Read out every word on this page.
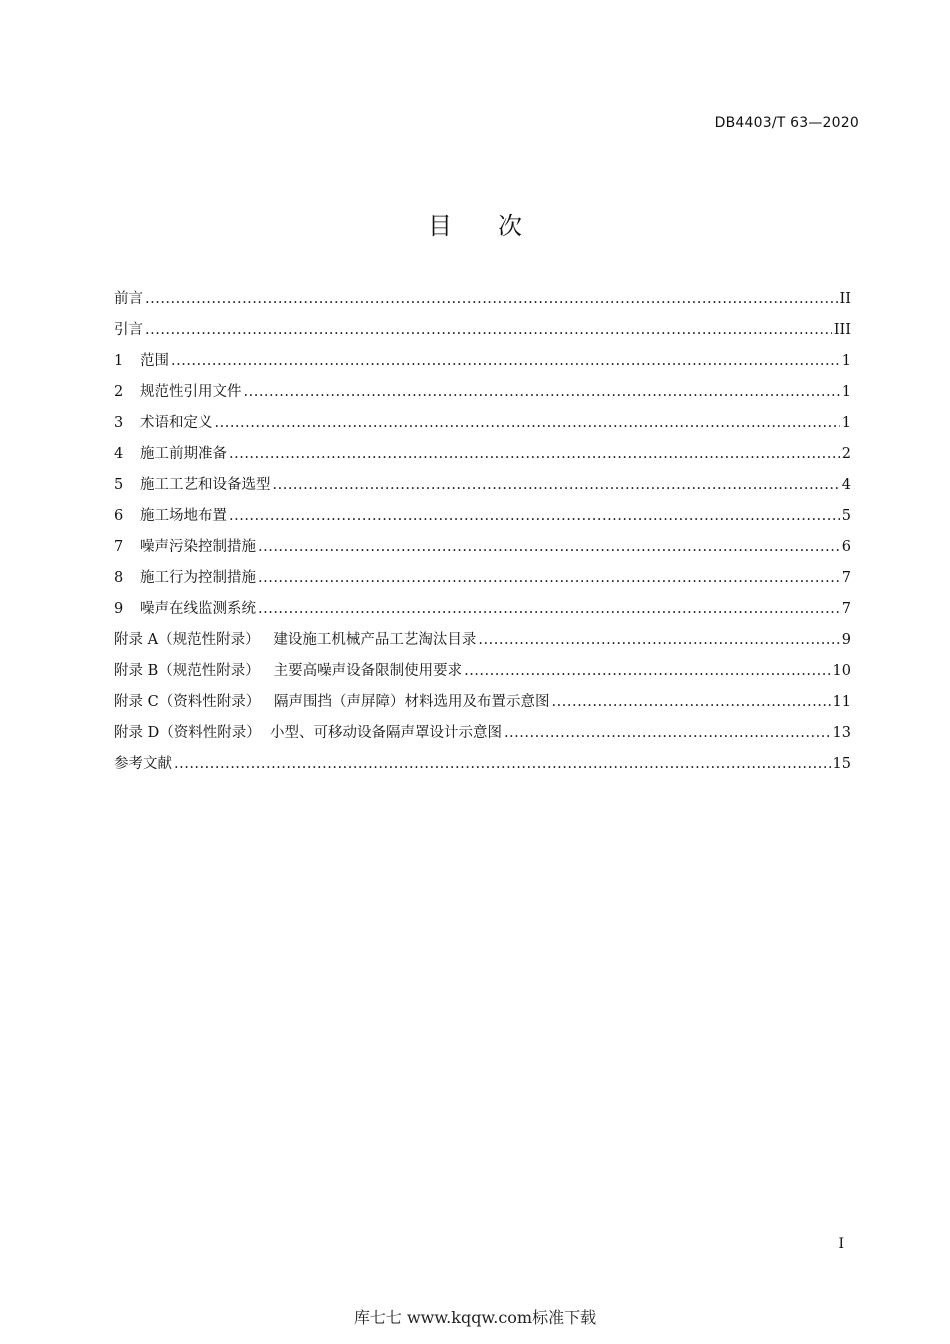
DB4403/T 63—2020
目次
前言 .....	II
引言 .....	III
1	范围 .....	1
2	规范性引用文件 .....	1
3	术语和定义 .....	1
4	施工前期准备 .....	2
5	施工工艺和设备选型 .....	4
6	施工场地布置 .....	5
7	噪声污染控制措施 .....	6
8	施工行为控制措施 .....	7
9	噪声在线监测系统 .....	7
附录 A（规范性附录）   建设施工机械产品工艺淘汰目录 .....	9
附录 B（规范性附录）   主要高噪声设备限制使用要求 .....	10
附录 C（资料性附录）   隔声围挡（声屏障）材料选用及布置示意图 .....	11
附录 D（资料性附录）  小型、可移动设备隔声罩设计示意图 .....	13
参考文献 .....	15
I
库七七 www.kqqw.com标准下载
